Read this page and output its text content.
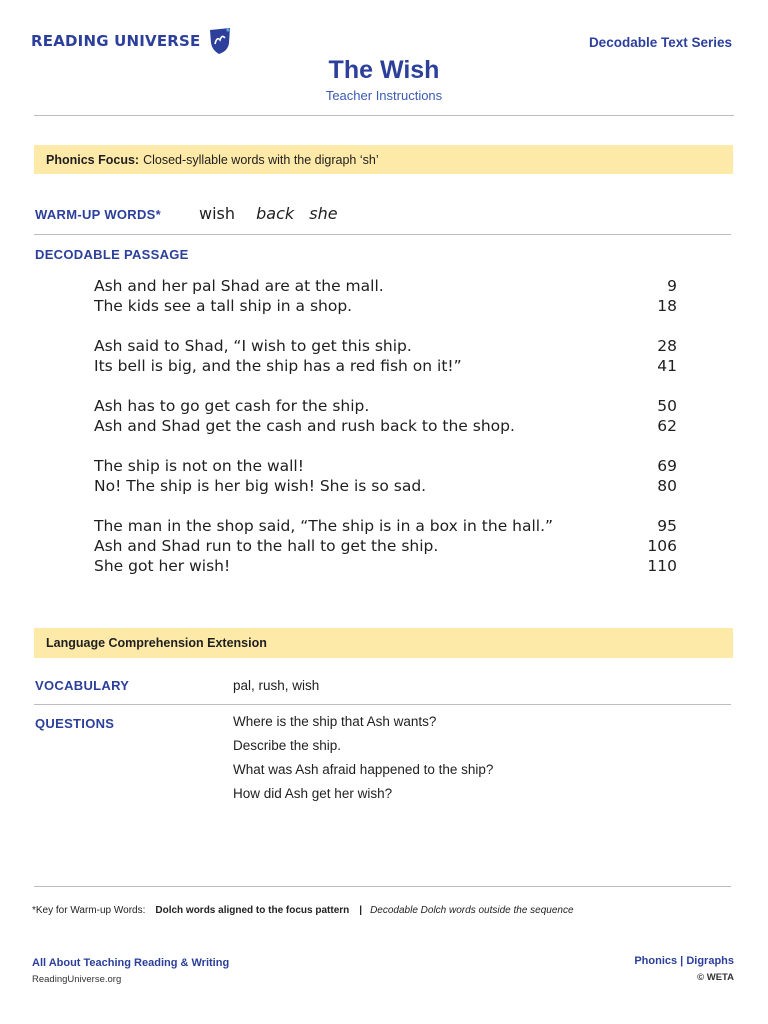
READING UNIVERSE	Decodable Text Series
The Wish
Teacher Instructions
Phonics Focus: Closed-syllable words with the digraph ‘sh’
WARM-UP WORDS* wish back she
DECODABLE PASSAGE
Ash and her pal Shad are at the mall.	9
The kids see a tall ship in a shop.	18
Ash said to Shad, “I wish to get this ship.	28
Its bell is big, and the ship has a red fish on it!”	41
Ash has to go get cash for the ship.	50
Ash and Shad get the cash and rush back to the shop.	62
The ship is not on the wall!	69
No! The ship is her big wish! She is so sad.	80
The man in the shop said, “The ship is in a box in the hall.”	95
Ash and Shad run to the hall to get the ship.	106
She got her wish!	110
Language Comprehension Extension
VOCABULARY	pal, rush, wish
QUESTIONS	Where is the ship that Ash wants?
Describe the ship.
What was Ash afraid happened to the ship?
How did Ash get her wish?
*Key for Warm-up Words: Dolch words aligned to the focus pattern | Decodable Dolch words outside the sequence
All About Teaching Reading & Writing
ReadingUniverse.org
Phonics | Digraphs
© WETA
